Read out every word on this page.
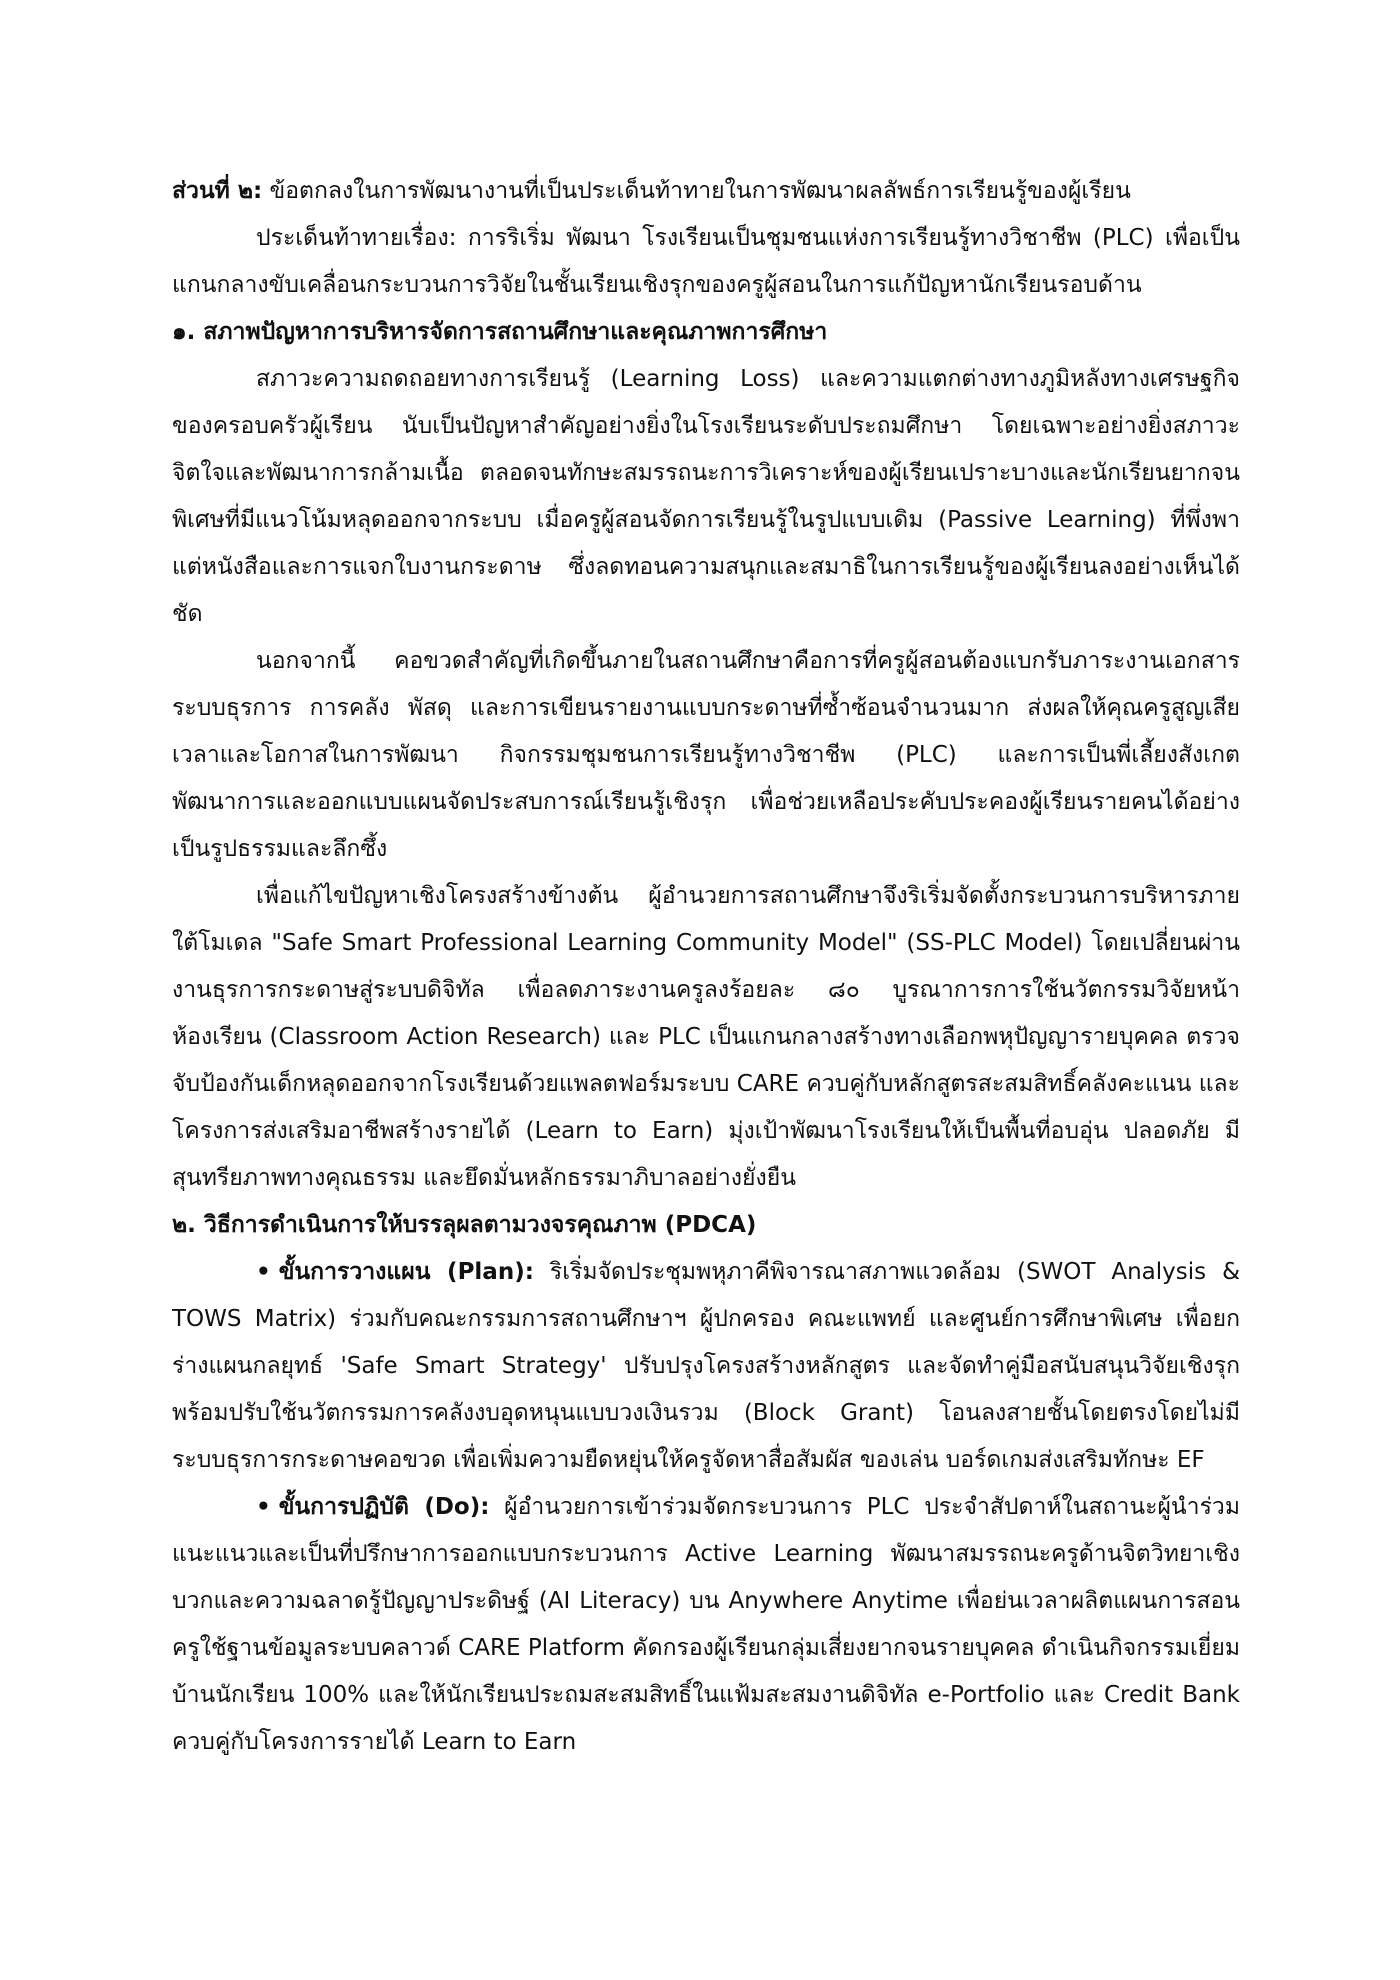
ส่วนที่ ๒: ข้อตกลงในการพัฒนางานที่เป็นประเด็นท้าทายในการพัฒนาผลลัพธ์การเรียนรู้ของผู้เรียน

ประเด็นท้าทายเรื่อง: การริเริ่ม พัฒนา โรงเรียนเป็นชุมชนแห่งการเรียนรู้ทางวิชาชีพ (PLC) เพื่อเป็นแกนกลางขับเคลื่อนกระบวนการวิจัยในชั้นเรียนเชิงรุกของครูผู้สอนในการแก้ปัญหานักเรียนรอบด้าน

๑. สภาพปัญหาการบริหารจัดการสถานศึกษาและคุณภาพการศึกษา

สภาวะความถดถอยทางการเรียนรู้ (Learning Loss) และความแตกต่างทางภูมิหลังทางเศรษฐกิจของครอบครัวผู้เรียน นับเป็นปัญหาสำคัญอย่างยิ่งในโรงเรียนระดับประถมศึกษา โดยเฉพาะอย่างยิ่งสภาวะจิตใจและพัฒนาการกล้ามเนื้อ ตลอดจนทักษะสมรรถนะการวิเคราะห์ของผู้เรียนเปราะบางและนักเรียนยากจนพิเศษที่มีแนวโน้มหลุดออกจากระบบ เมื่อครูผู้สอนจัดการเรียนรู้ในรูปแบบเดิม (Passive Learning) ที่พึ่งพาแต่หนังสือและการแจกใบงานกระดาษ ซึ่งลดทอนความสนุกและสมาธิในการเรียนรู้ของผู้เรียนลงอย่างเห็นได้ชัด

นอกจากนี้ คอขวดสำคัญที่เกิดขึ้นภายในสถานศึกษาคือการที่ครูผู้สอนต้องแบกรับภาระงานเอกสารระบบธุรการ การคลัง พัสดุ และการเขียนรายงานแบบกระดาษที่ซ้ำซ้อนจำนวนมาก ส่งผลให้คุณครูสูญเสียเวลาและโอกาสในการพัฒนา กิจกรรมชุมชนการเรียนรู้ทางวิชาชีพ (PLC) และการเป็นพี่เลี้ยงสังเกตพัฒนาการและออกแบบแผนจัดประสบการณ์เรียนรู้เชิงรุก เพื่อช่วยเหลือประคับประคองผู้เรียนรายคนได้อย่างเป็นรูปธรรมและลึกซึ้ง

เพื่อแก้ไขปัญหาเชิงโครงสร้างข้างต้น ผู้อำนวยการสถานศึกษาจึงริเริ่มจัดตั้งกระบวนการบริหารภายใต้โมเดล "Safe Smart Professional Learning Community Model" (SS-PLC Model) โดยเปลี่ยนผ่านงานธุรการกระดาษสู่ระบบดิจิทัล เพื่อลดภาระงานครูลงร้อยละ ๘๐ บูรณาการการใช้นวัตกรรมวิจัยหน้าห้องเรียน (Classroom Action Research) และ PLC เป็นแกนกลางสร้างทางเลือกพหุปัญญารายบุคคล ตรวจจับป้องกันเด็กหลุดออกจากโรงเรียนด้วยแพลตฟอร์มระบบ CARE ควบคู่กับหลักสูตรสะสมสิทธิ์คลังคะแนน และโครงการส่งเสริมอาชีพสร้างรายได้ (Learn to Earn) มุ่งเป้าพัฒนาโรงเรียนให้เป็นพื้นที่อบอุ่น ปลอดภัย มีสุนทรียภาพทางคุณธรรม และยึดมั่นหลักธรรมาภิบาลอย่างยั่งยืน

๒. วิธีการดำเนินการให้บรรลุผลตามวงจรคุณภาพ (PDCA)

• ขั้นการวางแผน (Plan): ริเริ่มจัดประชุมพหุภาคีพิจารณาสภาพแวดล้อม (SWOT Analysis & TOWS Matrix) ร่วมกับคณะกรรมการสถานศึกษาฯ ผู้ปกครอง คณะแพทย์ และศูนย์การศึกษาพิเศษ เพื่อยกร่างแผนกลยุทธ์ 'Safe Smart Strategy' ปรับปรุงโครงสร้างหลักสูตร และจัดทำคู่มือสนับสนุนวิจัยเชิงรุก พร้อมปรับใช้นวัตกรรมการคลังงบอุดหนุนแบบวงเงินรวม (Block Grant) โอนลงสายชั้นโดยตรงโดยไม่มีระบบธุรการกระดาษคอขวด เพื่อเพิ่มความยืดหยุ่นให้ครูจัดหาสื่อสัมผัส ของเล่น บอร์ดเกมส่งเสริมทักษะ EF

• ขั้นการปฏิบัติ (Do): ผู้อำนวยการเข้าร่วมจัดกระบวนการ PLC ประจำสัปดาห์ในสถานะผู้นำร่วมแนะแนวและเป็นที่ปรึกษาการออกแบบกระบวนการ Active Learning พัฒนาสมรรถนะครูด้านจิตวิทยาเชิงบวกและความฉลาดรู้ปัญญาประดิษฐ์ (AI Literacy) บน Anywhere Anytime เพื่อย่นเวลาผลิตแผนการสอน ครูใช้ฐานข้อมูลระบบคลาวด์ CARE Platform คัดกรองผู้เรียนกลุ่มเสี่ยงยากจนรายบุคคล ดำเนินกิจกรรมเยี่ยมบ้านนักเรียน 100% และให้นักเรียนประถมสะสมสิทธิ์ในแฟ้มสะสมงานดิจิทัล e-Portfolio และ Credit Bank ควบคู่กับโครงการรายได้ Learn to Earn
